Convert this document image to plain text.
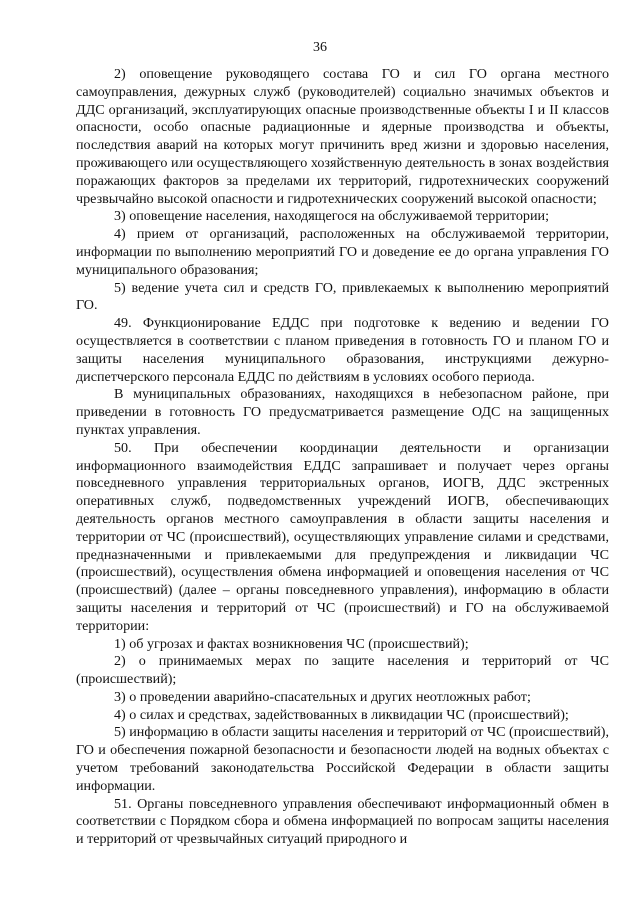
36

2) оповещение руководящего состава ГО и сил ГО органа местного самоуправления, дежурных служб (руководителей) социально значимых объектов и ДДС организаций, эксплуатирующих опасные производственные объекты I и II классов опасности, особо опасные радиационные и ядерные производства и объекты, последствия аварий на которых могут причинить вред жизни и здоровью населения, проживающего или осуществляющего хозяйственную деятельность в зонах воздействия поражающих факторов за пределами их территорий, гидротехнических сооружений чрезвычайно высокой опасности и гидротехнических сооружений высокой опасности;

3) оповещение населения, находящегося на обслуживаемой территории;

4) прием от организаций, расположенных на обслуживаемой территории, информации по выполнению мероприятий ГО и доведение ее до органа управления ГО муниципального образования;

5) ведение учета сил и средств ГО, привлекаемых к выполнению мероприятий ГО.

49. Функционирование ЕДДС при подготовке к ведению и ведении ГО осуществляется в соответствии с планом приведения в готовность ГО и планом ГО и защиты населения муниципального образования, инструкциями дежурно-диспетчерского персонала ЕДДС по действиям в условиях особого периода.

В муниципальных образованиях, находящихся в небезопасном районе, при приведении в готовность ГО предусматривается размещение ОДС на защищенных пунктах управления.

50. При обеспечении координации деятельности и организации информационного взаимодействия ЕДДС запрашивает и получает через органы повседневного управления территориальных органов, ИОГВ, ДДС экстренных оперативных служб, подведомственных учреждений ИОГВ, обеспечивающих деятельность органов местного самоуправления в области защиты населения и территории от ЧС (происшествий), осуществляющих управление силами и средствами, предназначенными и привлекаемыми для предупреждения и ликвидации ЧС (происшествий), осуществления обмена информацией и оповещения населения от ЧС (происшествий) (далее – органы повседневного управления), информацию в области защиты населения и территорий от ЧС (происшествий) и ГО на обслуживаемой территории:

1) об угрозах и фактах возникновения ЧС (происшествий);

2) о принимаемых мерах по защите населения и территорий от ЧС (происшествий);

3) о проведении аварийно-спасательных и других неотложных работ;

4) о силах и средствах, задействованных в ликвидации ЧС (происшествий);

5) информацию в области защиты населения и территорий от ЧС (происшествий), ГО и обеспечения пожарной безопасности и безопасности людей на водных объектах с учетом требований законодательства Российской Федерации в области защиты информации.

51. Органы повседневного управления обеспечивают информационный обмен в соответствии с Порядком сбора и обмена информацией по вопросам защиты населения и территорий от чрезвычайных ситуаций природного и
